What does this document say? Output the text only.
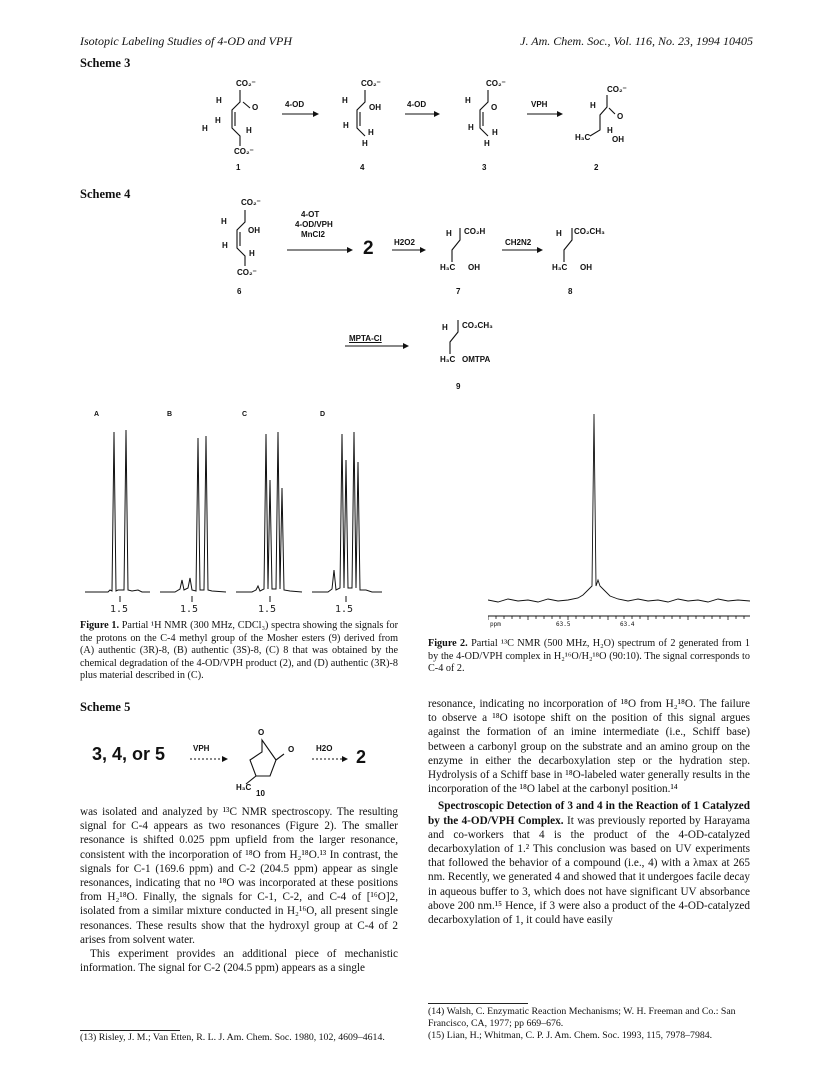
Isotopic Labeling Studies of 4-OD and VPH	J. Am. Chem. Soc., Vol. 116, No. 23, 1994 10405
Scheme 3
Scheme 4
Scheme 5
CO₂⁻
H
O
H
H	H
CO₂⁻
CO₂⁻
H
OH
H
H
H
CO₂⁻
H
O
H
H
H
CO₂⁻
H
O
H₃C
H
OH
CO₂⁻
H
OH
H
H
CO₂⁻
H CO₂H
H₃C OH
H CO₂CH₃
H₃C OH
H CO₂CH₃
H₃C OMTPA
O
O
H₃C
4-OD	4-OD	VPH
1	4	3	2
4-OT
4-OD/VPH
MnCl2
2	H2O2	CH2N2
MPTA-Cl
6	7	8
9
3, 4, or 5	VPH	H2O 2
10
A	B	C	D
1.5	1.5	1.5	1.5
Figure 1. Partial ¹H NMR (300 MHz, CDCl₃) spectra showing the signals for the protons on the C-4 methyl group of the Mosher esters (9) derived from (A) authentic (3R)-8, (B) authentic (3S)-8, (C) 8 that was obtained by the chemical degradation of the 4-OD/VPH product (2), and (D) authentic (3R)-8 plus material described in (C).
ppm	63.5	63.4
Figure 2. Partial ¹³C NMR (500 MHz, H₂O) spectrum of 2 generated from 1 by the 4-OD/VPH complex in H₂¹⁶O/H₂¹⁸O (90:10). The signal corresponds to C-4 of 2.

was isolated and analyzed by ¹³C NMR spectroscopy. The resulting signal for C-4 appears as two resonances (Figure 2). The smaller resonance is shifted 0.025 ppm upfield from the larger resonance, consistent with the incorporation of ¹⁸O from H₂¹⁸O.¹³ In contrast, the signals for C-1 (169.6 ppm) and C-2 (204.5 ppm) appear as single resonances, indicating that no ¹⁸O was incorporated at these positions from H₂¹⁸O. Finally, the signals for C-1, C-2, and C-4 of [¹⁶O]2, isolated from a similar mixture conducted in H₂¹⁶O, all present single resonances. These results show that the hydroxyl group at C-4 of 2 arises from solvent water.

This experiment provides an additional piece of mechanistic information. The signal for C-2 (204.5 ppm) appears as a single

(13) Risley, J. M.; Van Etten, R. L. J. Am. Chem. Soc. 1980, 102, 4609–4614.

resonance, indicating no incorporation of ¹⁸O from H₂¹⁸O. The failure to observe a ¹⁸O isotope shift on the position of this signal argues against the formation of an imine intermediate (i.e., Schiff base) between a carbonyl group on the substrate and an amino group on the enzyme in either the decarboxylation step or the hydration step. Hydrolysis of a Schiff base in ¹⁸O-labeled water generally results in the incorporation of the ¹⁸O label at the carbonyl position.¹⁴

Spectroscopic Detection of 3 and 4 in the Reaction of 1 Catalyzed by the 4-OD/VPH Complex. It was previously reported by Harayama and co-workers that 4 is the product of the 4-OD-catalyzed decarboxylation of 1.² This conclusion was based on UV experiments that followed the behavior of a compound (i.e., 4) with a λmax at 265 nm. Recently, we generated 4 and showed that it undergoes facile decay in aqueous buffer to 3, which does not have significant UV absorbance above 200 nm.¹⁵ Hence, if 3 were also a product of the 4-OD-catalyzed decarboxylation of 1, it could have easily

(14) Walsh, C. Enzymatic Reaction Mechanisms; W. H. Freeman and Co.: San Francisco, CA, 1977; pp 669–676.
(15) Lian, H.; Whitman, C. P. J. Am. Chem. Soc. 1993, 115, 7978–7984.
